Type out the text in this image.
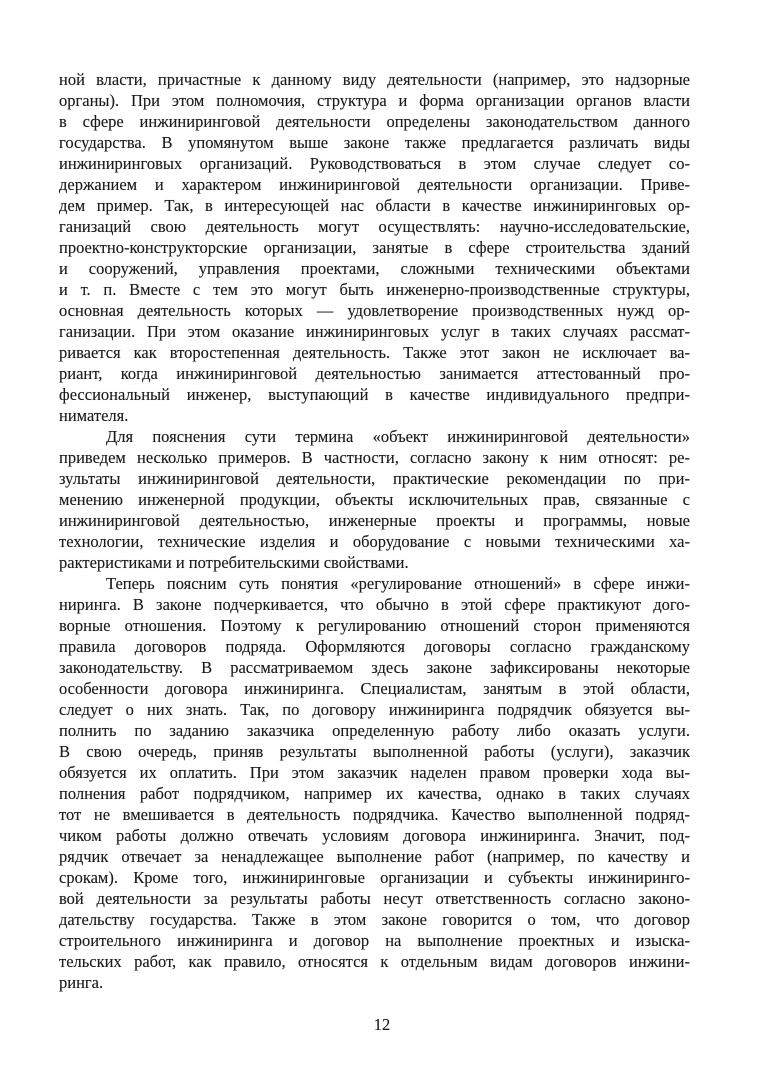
ной власти, причастные к данному виду деятельности (например, это надзорные
органы). При этом полномочия, структура и форма организации органов власти
в сфере инжиниринговой деятельности определены законодательством данного
государства. В упомянутом выше законе также предлагается различать виды
инжиниринговых организаций. Руководствоваться в этом случае следует со-
держанием и характером инжиниринговой деятельности организации. Приве-
дем пример. Так, в интересующей нас области в качестве инжиниринговых ор-
ганизаций свою деятельность могут осуществлять: научно-исследовательские,
проектно-конструкторские организации, занятые в сфере строительства зданий
и сооружений, управления проектами, сложными техническими объектами
и т. п. Вместе с тем это могут быть инженерно-производственные структуры,
основная деятельность которых — удовлетворение производственных нужд ор-
ганизации. При этом оказание инжиниринговых услуг в таких случаях рассмат-
ривается как второстепенная деятельность. Также этот закон не исключает ва-
риант, когда инжиниринговой деятельностью занимается аттестованный про-
фессиональный инженер, выступающий в качестве индивидуального предпри-
нимателя.
Для пояснения сути термина «объект инжиниринговой деятельности»
приведем несколько примеров. В частности, согласно закону к ним относят: ре-
зультаты инжиниринговой деятельности, практические рекомендации по при-
менению инженерной продукции, объекты исключительных прав, связанные с
инжиниринговой деятельностью, инженерные проекты и программы, новые
технологии, технические изделия и оборудование с новыми техническими ха-
рактеристиками и потребительскими свойствами.
Теперь поясним суть понятия «регулирование отношений» в сфере инжи-
ниринга. В законе подчеркивается, что обычно в этой сфере практикуют дого-
ворные отношения. Поэтому к регулированию отношений сторон применяются
правила договоров подряда. Оформляются договоры согласно гражданскому
законодательству. В рассматриваемом здесь законе зафиксированы некоторые
особенности договора инжиниринга. Специалистам, занятым в этой области,
следует о них знать. Так, по договору инжиниринга подрядчик обязуется вы-
полнить по заданию заказчика определенную работу либо оказать услуги.
В свою очередь, приняв результаты выполненной работы (услуги), заказчик
обязуется их оплатить. При этом заказчик наделен правом проверки хода вы-
полнения работ подрядчиком, например их качества, однако в таких случаях
тот не вмешивается в деятельность подрядчика. Качество выполненной подряд-
чиком работы должно отвечать условиям договора инжиниринга. Значит, под-
рядчик отвечает за ненадлежащее выполнение работ (например, по качеству и
срокам). Кроме того, инжиниринговые организации и субъекты инжиниринго-
вой деятельности за результаты работы несут ответственность согласно законо-
дательству государства. Также в этом законе говорится о том, что договор
строительного инжиниринга и договор на выполнение проектных и изыска-
тельских работ, как правило, относятся к отдельным видам договоров инжини-
ринга.
12
